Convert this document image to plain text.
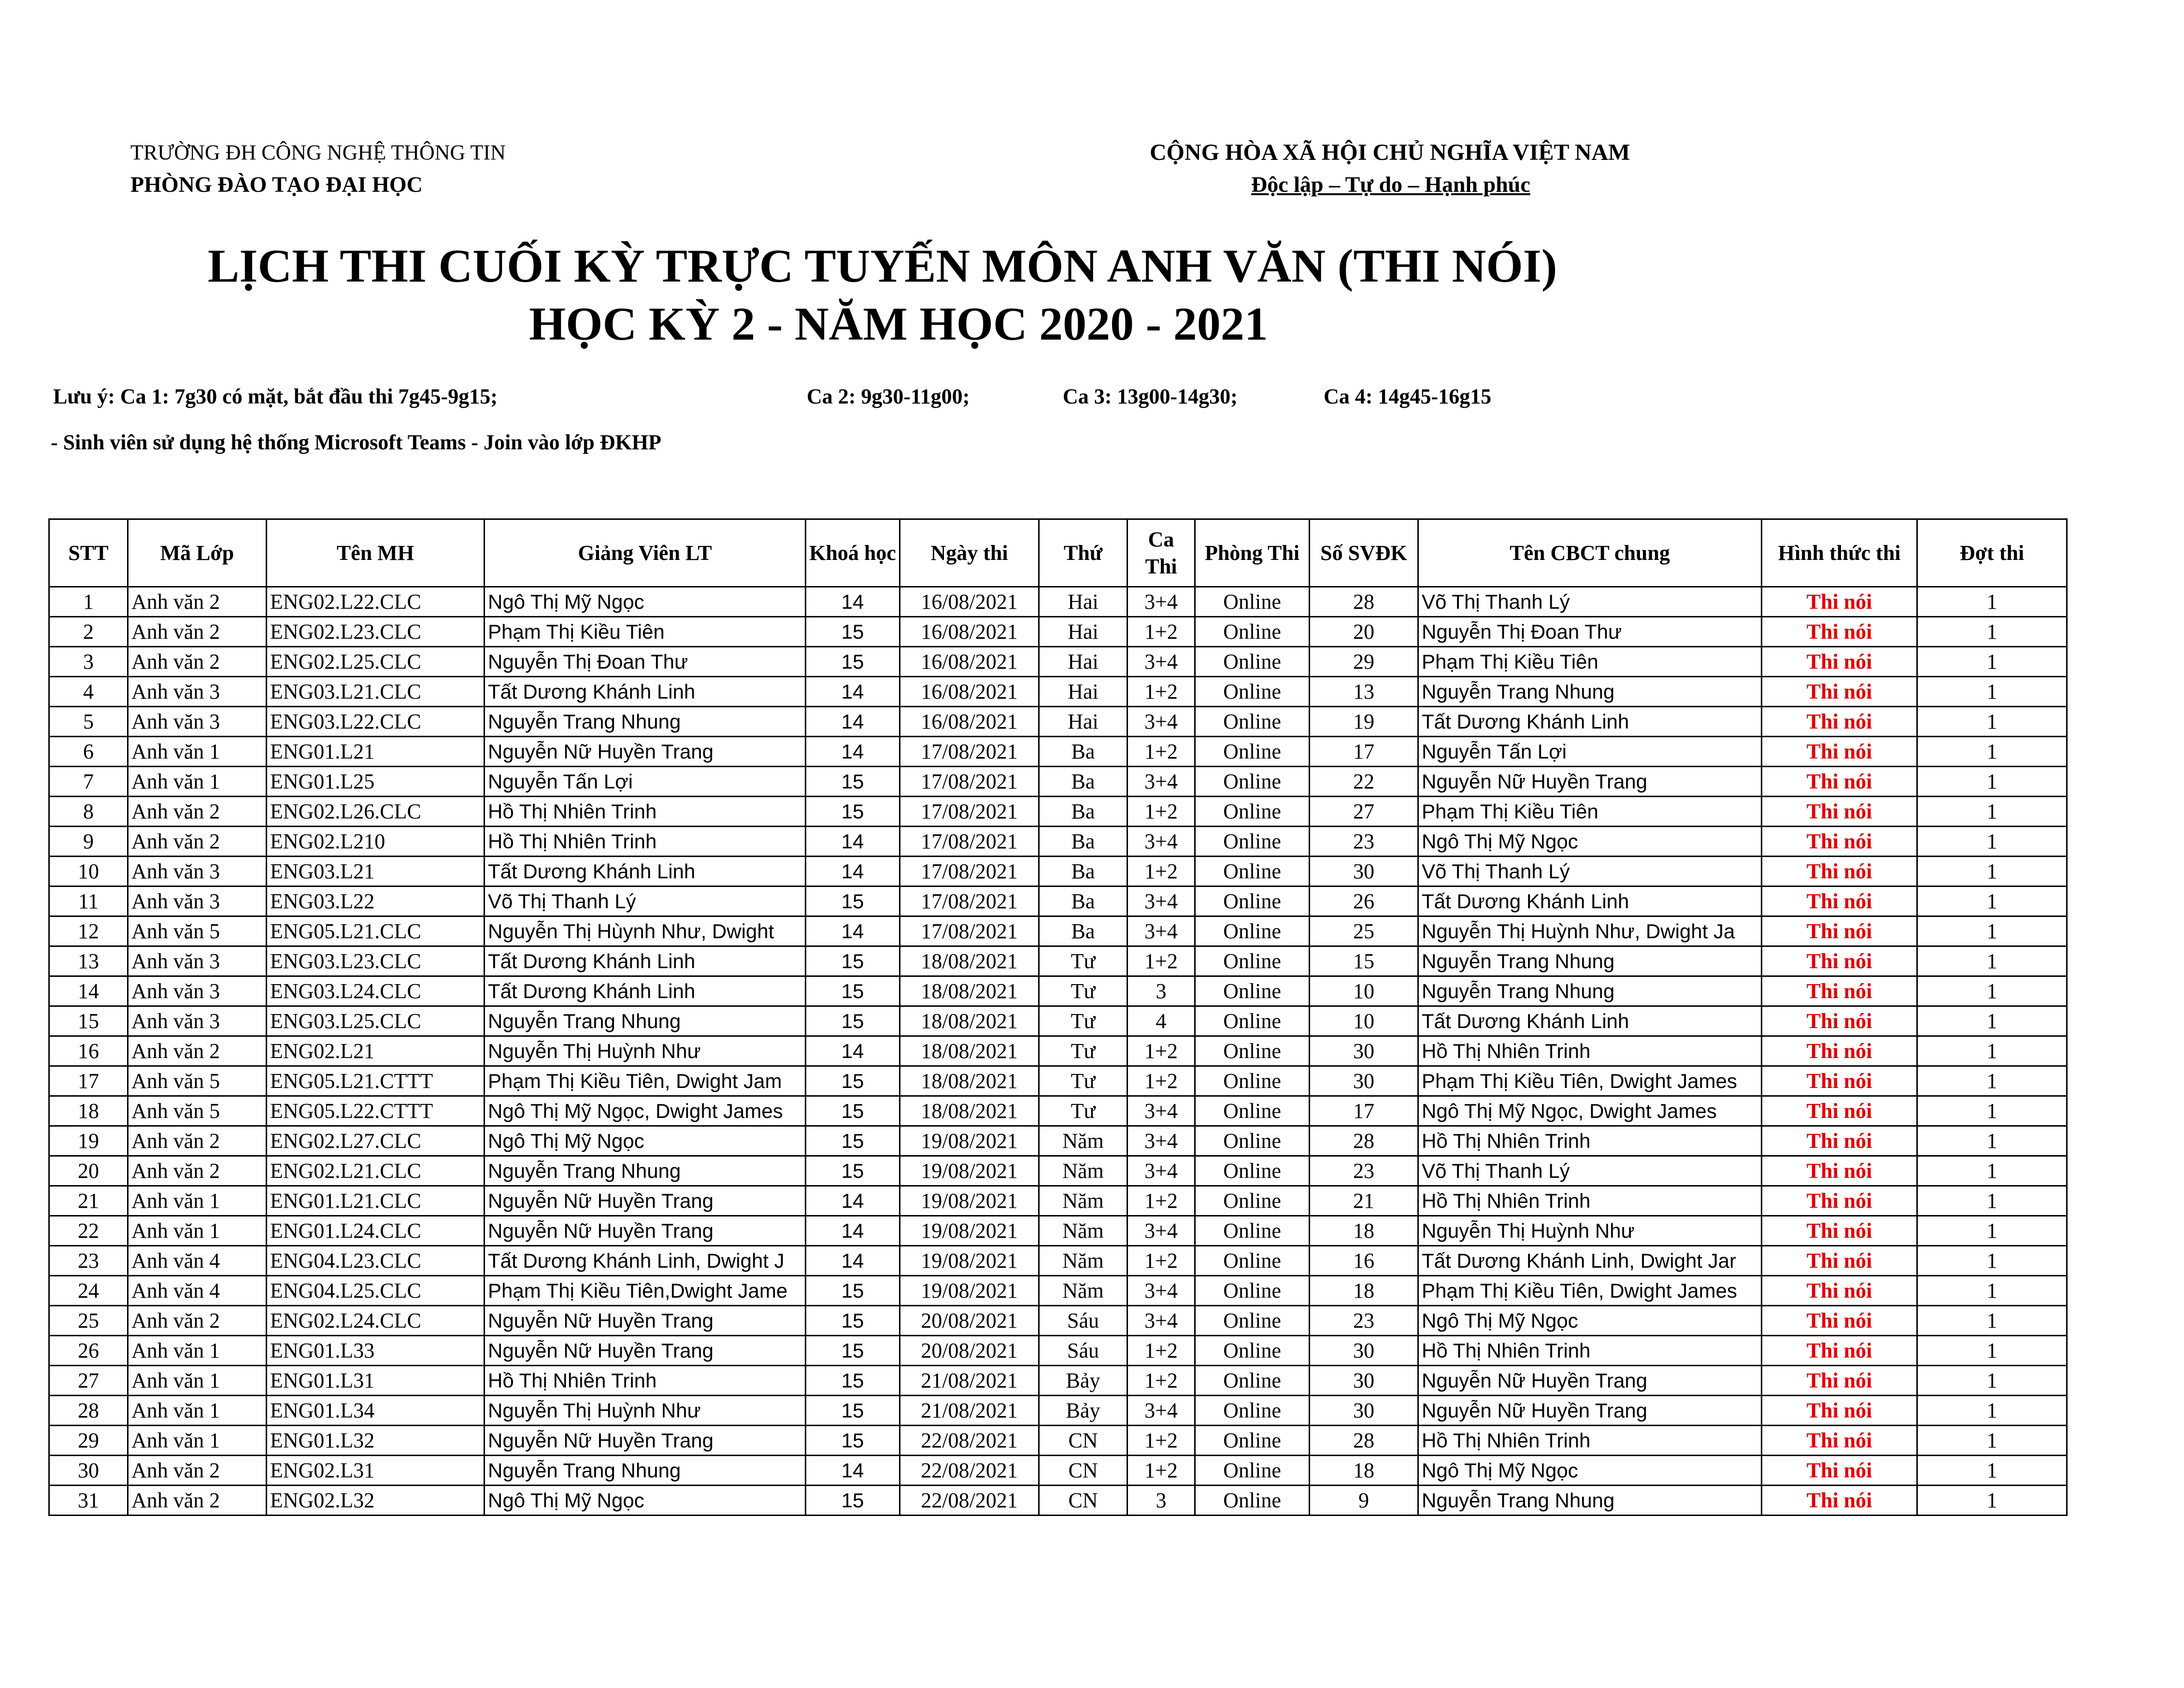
TRƯỜNG ĐH CÔNG NGHỆ THÔNG TIN
PHÒNG ĐÀO TẠO ĐẠI HỌC
CỘNG HÒA XÃ HỘI CHỦ NGHĨA VIỆT NAM
Độc lập – Tự do – Hạnh phúc
LỊCH THI CUỐI KỲ TRỰC TUYẾN MÔN ANH VĂN (THI NÓI)
HỌC KỲ 2 - NĂM HỌC 2020 - 2021
Lưu ý: Ca 1: 7g30 có mặt, bắt đầu thi 7g45-9g15;	Ca 2: 9g30-11g00;	Ca 3: 13g00-14g30;	Ca 4: 14g45-16g15
- Sinh viên sử dụng hệ thống Microsoft Teams - Join vào lớp ĐKHP
STT	Mã Lớp	Tên MH	Giảng Viên LT	Khoá học	Ngày thi	Thứ	Ca Thi	Phòng Thi	Số SVĐK	Tên CBCT chung	Hình thức thi	Đợt thi
1	Anh văn 2	ENG02.L22.CLC	Ngô Thị Mỹ Ngọc	14	16/08/2021	Hai	3+4	Online	28	Võ Thị Thanh Lý	Thi nói	1
2	Anh văn 2	ENG02.L23.CLC	Phạm Thị Kiều Tiên	15	16/08/2021	Hai	1+2	Online	20	Nguyễn Thị Đoan Thư	Thi nói	1
3	Anh văn 2	ENG02.L25.CLC	Nguyễn Thị Đoan Thư	15	16/08/2021	Hai	3+4	Online	29	Phạm Thị Kiều Tiên	Thi nói	1
4	Anh văn 3	ENG03.L21.CLC	Tất Dương Khánh Linh	14	16/08/2021	Hai	1+2	Online	13	Nguyễn Trang Nhung	Thi nói	1
5	Anh văn 3	ENG03.L22.CLC	Nguyễn Trang Nhung	14	16/08/2021	Hai	3+4	Online	19	Tất Dương Khánh Linh	Thi nói	1
6	Anh văn 1	ENG01.L21	Nguyễn Nữ Huyền Trang	14	17/08/2021	Ba	1+2	Online	17	Nguyễn Tấn Lợi	Thi nói	1
7	Anh văn 1	ENG01.L25	Nguyễn Tấn Lợi	15	17/08/2021	Ba	3+4	Online	22	Nguyễn Nữ Huyền Trang	Thi nói	1
8	Anh văn 2	ENG02.L26.CLC	Hồ Thị Nhiên Trinh	15	17/08/2021	Ba	1+2	Online	27	Phạm Thị Kiều Tiên	Thi nói	1
9	Anh văn 2	ENG02.L210	Hồ Thị Nhiên Trinh	14	17/08/2021	Ba	3+4	Online	23	Ngô Thị Mỹ Ngọc	Thi nói	1
10	Anh văn 3	ENG03.L21	Tất Dương Khánh Linh	14	17/08/2021	Ba	1+2	Online	30	Võ Thị Thanh Lý	Thi nói	1
11	Anh văn 3	ENG03.L22	Võ Thị Thanh Lý	15	17/08/2021	Ba	3+4	Online	26	Tất Dương Khánh Linh	Thi nói	1
12	Anh văn 5	ENG05.L21.CLC	Nguyễn Thị Hùynh Như, Dwight	14	17/08/2021	Ba	3+4	Online	25	Nguyễn Thị Huỳnh Như, Dwight Ja	Thi nói	1
13	Anh văn 3	ENG03.L23.CLC	Tất Dương Khánh Linh	15	18/08/2021	Tư	1+2	Online	15	Nguyễn Trang Nhung	Thi nói	1
14	Anh văn 3	ENG03.L24.CLC	Tất Dương Khánh Linh	15	18/08/2021	Tư	3	Online	10	Nguyễn Trang Nhung	Thi nói	1
15	Anh văn 3	ENG03.L25.CLC	Nguyễn Trang Nhung	15	18/08/2021	Tư	4	Online	10	Tất Dương Khánh Linh	Thi nói	1
16	Anh văn 2	ENG02.L21	Nguyễn Thị Huỳnh Như	14	18/08/2021	Tư	1+2	Online	30	Hồ Thị Nhiên Trinh	Thi nói	1
17	Anh văn 5	ENG05.L21.CTTT	Phạm Thị Kiều Tiên, Dwight Jam	15	18/08/2021	Tư	1+2	Online	30	Phạm Thị Kiều Tiên, Dwight James	Thi nói	1
18	Anh văn 5	ENG05.L22.CTTT	Ngô Thị Mỹ Ngọc, Dwight James	15	18/08/2021	Tư	3+4	Online	17	Ngô Thị Mỹ Ngọc, Dwight James	Thi nói	1
19	Anh văn 2	ENG02.L27.CLC	Ngô Thị Mỹ Ngọc	15	19/08/2021	Năm	3+4	Online	28	Hồ Thị Nhiên Trinh	Thi nói	1
20	Anh văn 2	ENG02.L21.CLC	Nguyễn Trang Nhung	15	19/08/2021	Năm	3+4	Online	23	Võ Thị Thanh Lý	Thi nói	1
21	Anh văn 1	ENG01.L21.CLC	Nguyễn Nữ Huyền Trang	14	19/08/2021	Năm	1+2	Online	21	Hồ Thị Nhiên Trinh	Thi nói	1
22	Anh văn 1	ENG01.L24.CLC	Nguyễn Nữ Huyền Trang	14	19/08/2021	Năm	3+4	Online	18	Nguyễn Thị Huỳnh Như	Thi nói	1
23	Anh văn 4	ENG04.L23.CLC	Tất Dương Khánh Linh, Dwight J	14	19/08/2021	Năm	1+2	Online	16	Tất Dương Khánh Linh, Dwight Jar	Thi nói	1
24	Anh văn 4	ENG04.L25.CLC	Phạm Thị Kiều Tiên,Dwight Jame	15	19/08/2021	Năm	3+4	Online	18	Phạm Thị Kiều Tiên, Dwight James	Thi nói	1
25	Anh văn 2	ENG02.L24.CLC	Nguyễn Nữ Huyền Trang	15	20/08/2021	Sáu	3+4	Online	23	Ngô Thị Mỹ Ngọc	Thi nói	1
26	Anh văn 1	ENG01.L33	Nguyễn Nữ Huyền Trang	15	20/08/2021	Sáu	1+2	Online	30	Hồ Thị Nhiên Trinh	Thi nói	1
27	Anh văn 1	ENG01.L31	Hồ Thị Nhiên Trinh	15	21/08/2021	Bảy	1+2	Online	30	Nguyễn Nữ Huyền Trang	Thi nói	1
28	Anh văn 1	ENG01.L34	Nguyễn Thị Huỳnh Như	15	21/08/2021	Bảy	3+4	Online	30	Nguyễn Nữ Huyền Trang	Thi nói	1
29	Anh văn 1	ENG01.L32	Nguyễn Nữ Huyền Trang	15	22/08/2021	CN	1+2	Online	28	Hồ Thị Nhiên Trinh	Thi nói	1
30	Anh văn 2	ENG02.L31	Nguyễn Trang Nhung	14	22/08/2021	CN	1+2	Online	18	Ngô Thị Mỹ Ngọc	Thi nói	1
31	Anh văn 2	ENG02.L32	Ngô Thị Mỹ Ngọc	15	22/08/2021	CN	3	Online	9	Nguyễn Trang Nhung	Thi nói	1
